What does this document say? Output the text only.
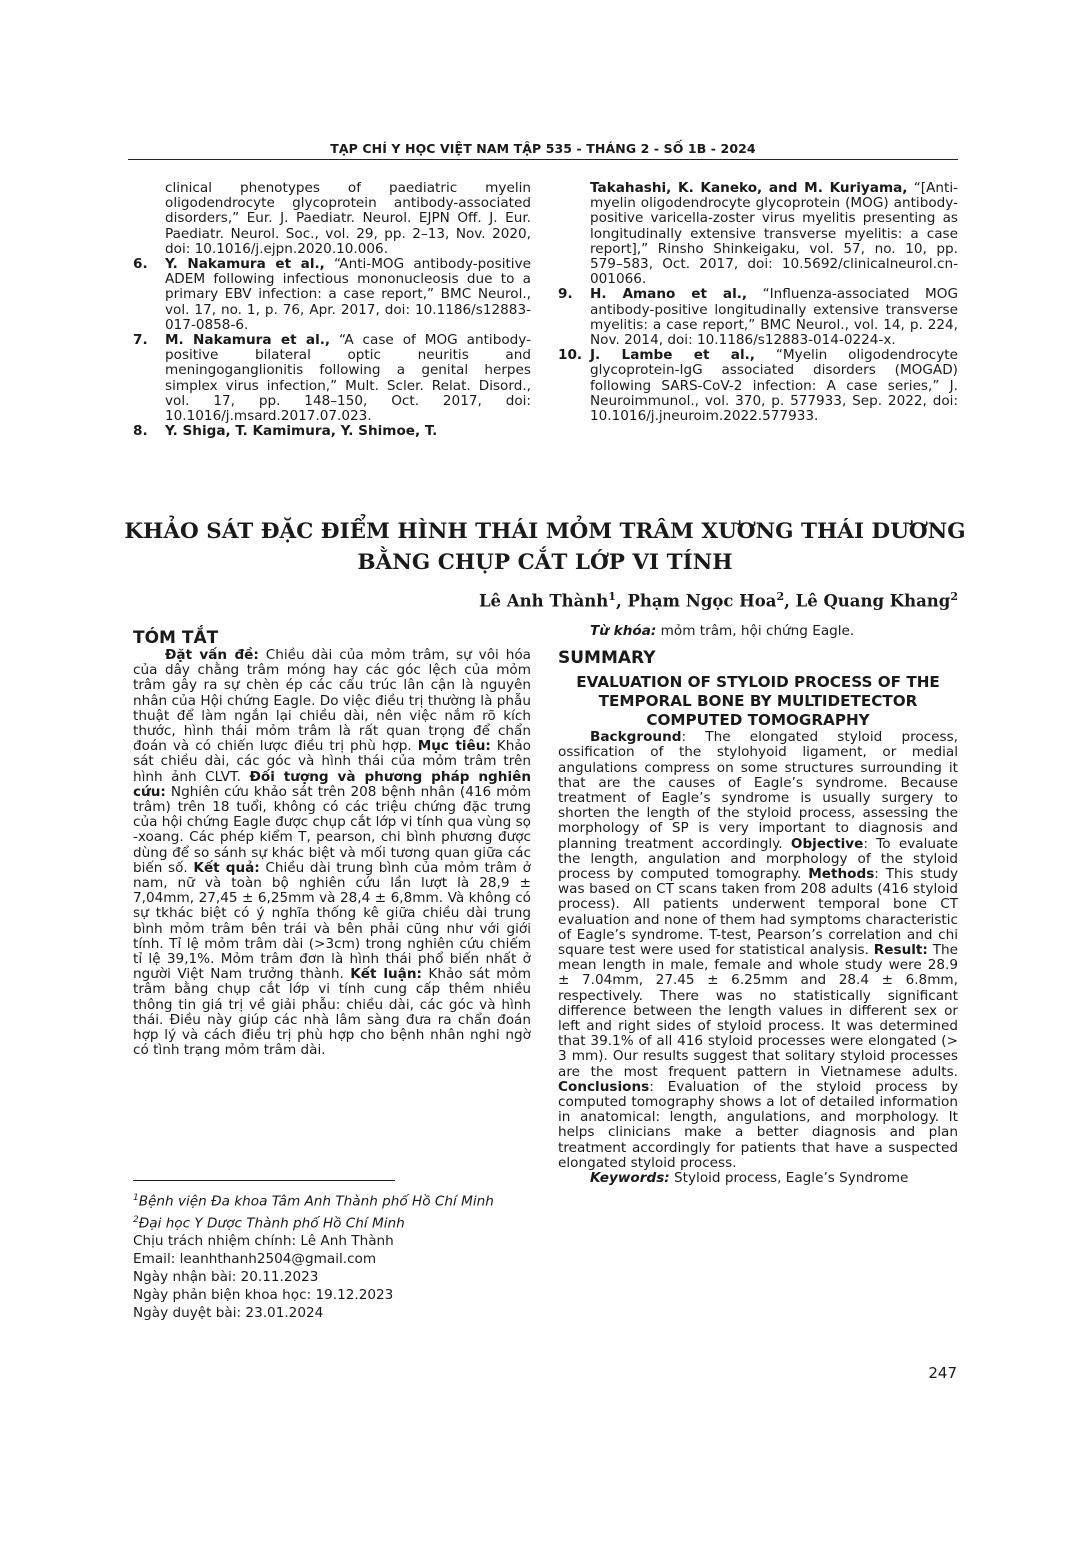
TẠP CHÍ Y HỌC VIỆT NAM TẬP 535 - THÁNG 2 - SỐ 1B - 2024
clinical phenotypes of paediatric myelin oligodendrocyte glycoprotein antibody-associated disorders,” Eur. J. Paediatr. Neurol. EJPN Off. J. Eur. Paediatr. Neurol. Soc., vol. 29, pp. 2–13, Nov. 2020, doi: 10.1016/j.ejpn.2020.10.006.
6. Y. Nakamura et al., “Anti-MOG antibody-positive ADEM following infectious mononucleosis due to a primary EBV infection: a case report,” BMC Neurol., vol. 17, no. 1, p. 76, Apr. 2017, doi: 10.1186/s12883-017-0858-6.
7. M. Nakamura et al., “A case of MOG antibody-positive bilateral optic neuritis and meningoganglionitis following a genital herpes simplex virus infection,” Mult. Scler. Relat. Disord., vol. 17, pp. 148–150, Oct. 2017, doi: 10.1016/j.msard.2017.07.023.
8. Y. Shiga, T. Kamimura, Y. Shimoe, T.
Takahashi, K. Kaneko, and M. Kuriyama, “[Anti-myelin oligodendrocyte glycoprotein (MOG) antibody-positive varicella-zoster virus myelitis presenting as longitudinally extensive transverse myelitis: a case report],” Rinsho Shinkeigaku, vol. 57, no. 10, pp. 579–583, Oct. 2017, doi: 10.5692/clinicalneurol.cn-001066.
9. H. Amano et al., “Influenza-associated MOG antibody-positive longitudinally extensive transverse myelitis: a case report,” BMC Neurol., vol. 14, p. 224, Nov. 2014, doi: 10.1186/s12883-014-0224-x.
10. J. Lambe et al., “Myelin oligodendrocyte glycoprotein-IgG associated disorders (MOGAD) following SARS-CoV-2 infection: A case series,” J. Neuroimmunol., vol. 370, p. 577933, Sep. 2022, doi: 10.1016/j.jneuroim.2022.577933.
KHẢO SÁT ĐẶC ĐIỂM HÌNH THÁI MỎM TRÂM XƯƠNG THÁI DƯƠNG
BẰNG CHỤP CẮT LỚP VI TÍNH
Lê Anh Thành$^1$, Phạm Ngọc Hoa$^2$, Lê Quang Khang$^2$
TÓM TẮT

Đặt vấn đề: Chiều dài của mỏm trâm, sự vôi hóa của dây chằng trâm móng hay các góc lệch của mỏm trâm gây ra sự chèn ép các cấu trúc lân cận là nguyên nhân của Hội chứng Eagle. Do việc điều trị thường là phẫu thuật để làm ngắn lại chiều dài, nên việc nắm rõ kích thước, hình thái mỏm trâm là rất quan trọng để chẩn đoán và có chiến lược điều trị phù hợp. Mục tiêu: Khảo sát chiều dài, các góc và hình thái của mỏm trâm trên hình ảnh CLVT. Đối tượng và phương pháp nghiên cứu: Nghiên cứu khảo sát trên 208 bệnh nhân (416 mỏm trâm) trên 18 tuổi, không có các triệu chứng đặc trưng của hội chứng Eagle được chụp cắt lớp vi tính qua vùng sọ -xoang. Các phép kiểm T, pearson, chi bình phương được dùng để so sánh sự khác biệt và mối tương quan giữa các biến số. Kết quả: Chiều dài trung bình của mỏm trâm ở nam, nữ và toàn bộ nghiên cứu lần lượt là 28,9 ± 7,04mm, 27,45 ± 6,25mm và 28,4 ± 6,8mm. Và không có sự tkhác biệt có ý nghĩa thống kê giữa chiều dài trung bình mỏm trâm bên trái và bên phải cũng như với giới tính. Tỉ lệ mỏm trâm dài (>3cm) trong nghiên cứu chiếm tỉ lệ 39,1%. Mỏm trâm đơn là hình thái phổ biến nhất ở người Việt Nam trưởng thành. Kết luận: Khảo sát mỏm trâm bằng chụp cắt lớp vi tính cung cấp thêm nhiều thông tin giá trị về giải phẫu: chiều dài, các góc và hình thái. Điều này giúp các nhà lâm sàng đưa ra chẩn đoán hợp lý và cách điều trị phù hợp cho bệnh nhân nghi ngờ có tình trạng mỏm trâm dài.

$^1$Bệnh viện Đa khoa Tâm Anh Thành phố Hồ Chí Minh
$^2$Đại học Y Dược Thành phố Hồ Chí Minh
Chịu trách nhiệm chính: Lê Anh Thành
Email: leanhthanh2504@gmail.com
Ngày nhận bài: 20.11.2023
Ngày phản biện khoa học: 19.12.2023
Ngày duyệt bài: 23.01.2024

Từ khóa: mỏm trâm, hội chứng Eagle.

SUMMARY
EVALUATION OF STYLOID PROCESS OF THE TEMPORAL BONE BY MULTIDETECTOR COMPUTED TOMOGRAPHY

Background: The elongated styloid process, ossification of the stylohyoid ligament, or medial angulations compress on some structures surrounding it that are the causes of Eagle’s syndrome. Because treatment of Eagle’s syndrome is usually surgery to shorten the length of the styloid process, assessing the morphology of SP is very important to diagnosis and planning treatment accordingly. Objective: To evaluate the length, angulation and morphology of the styloid process by computed tomography. Methods: This study was based on CT scans taken from 208 adults (416 styloid process). All patients underwent temporal bone CT evaluation and none of them had symptoms characteristic of Eagle’s syndrome. T-test, Pearson’s correlation and chi square test were used for statistical analysis. Result: The mean length in male, female and whole study were 28.9 ± 7.04mm, 27.45 ± 6.25mm and 28.4 ± 6.8mm, respectively. There was no statistically significant difference between the length values in different sex or left and right sides of styloid process. It was determined that 39.1% of all 416 styloid processes were elongated (> 3 mm). Our results suggest that solitary styloid processes are the most frequent pattern in Vietnamese adults. Conclusions: Evaluation of the styloid process by computed tomography shows a lot of detailed information in anatomical: length, angulations, and morphology. It helps clinicians make a better diagnosis and plan treatment accordingly for patients that have a suspected elongated styloid process.

Keywords: Styloid process, Eagle’s Syndrome

247
